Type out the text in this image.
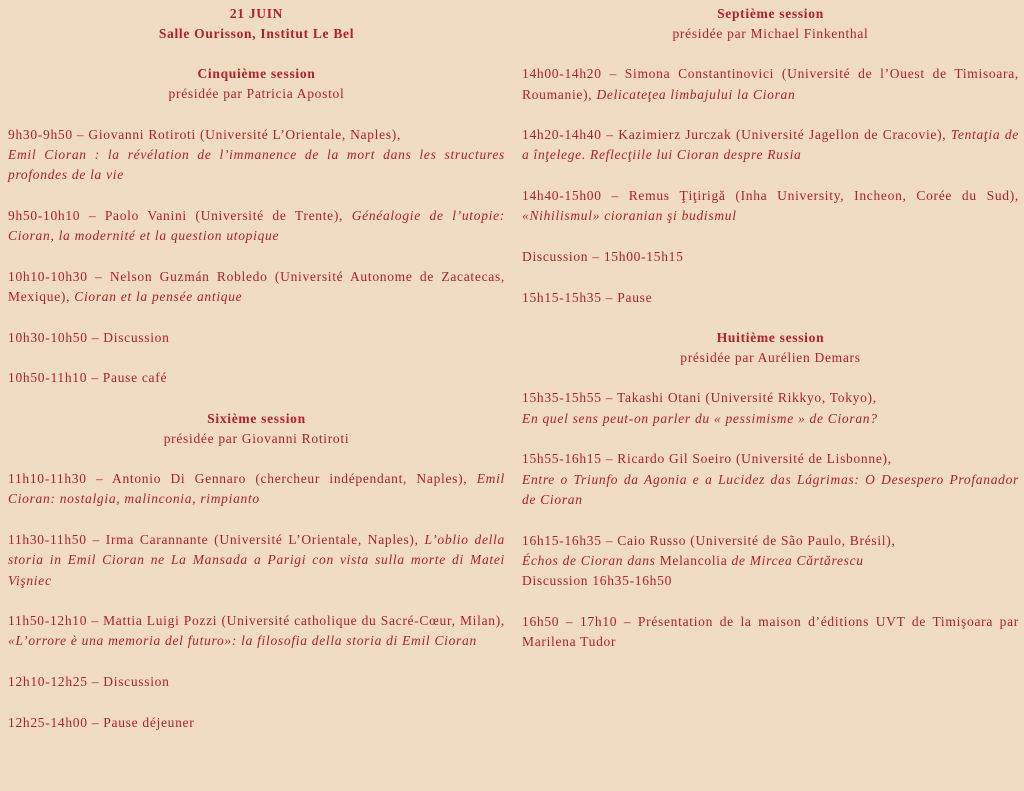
21 JUIN
Salle Ourisson, Institut Le Bel
Cinquième session
présidée par Patricia Apostol

9h30-9h50 – Giovanni Rotiroti (Université L’Orientale, Naples),
Emil Cioran : la révélation de l’immanence de la mort dans les structures profondes de la vie

9h50-10h10 – Paolo Vanini (Université de Trente), Généalogie de l’utopie: Cioran, la modernité et la question utopique

10h10-10h30 – Nelson Guzmán Robledo (Université Autonome de Zacatecas, Mexique), Cioran et la pensée antique

10h30-10h50 – Discussion

10h50-11h10 – Pause café

Sixième session
présidée par Giovanni Rotiroti

11h10-11h30 – Antonio Di Gennaro (chercheur indépendant, Naples), Emil Cioran: nostalgia, malinconia, rimpianto

11h30-11h50 – Irma Carannante (Université L’Orientale, Naples), L’oblio della storia in Emil Cioran ne La Mansada a Parigi con vista sulla morte di Matei Vişniec

11h50-12h10 – Mattia Luigi Pozzi (Université catholique du Sacré-Cœur, Milan), «L’orrore è una memoria del futuro»: la filosofia della storia di Emil Cioran

12h10-12h25 – Discussion

12h25-14h00 – Pause déjeuner

Septième session
présidée par Michael Finkenthal

14h00-14h20 – Simona Constantinovici (Université de l’Ouest de Timisoara, Roumanie), Delicateţea limbajului la Cioran

14h20-14h40 – Kazimierz Jurczak (Université Jagellon de Cracovie), Tentaţia de a înţelege. Reflecţiile lui Cioran despre Rusia

14h40-15h00 – Remus Ţiţirigă (Inha University, Incheon, Corée du Sud), «Nihilismul» cioranian şi budismul

Discussion – 15h00-15h15

15h15-15h35 – Pause

Huitième session
présidée par Aurélien Demars

15h35-15h55 – Takashi Otani (Université Rikkyo, Tokyo),
En quel sens peut-on parler du « pessimisme » de Cioran?

15h55-16h15 – Ricardo Gil Soeiro (Université de Lisbonne),
Entre o Triunfo da Agonia e a Lucidez das Lágrimas: O Desespero Profanador de Cioran

16h15-16h35 – Caio Russo (Université de São Paulo, Brésil),
Échos de Cioran dans Melancolia de Mircea Cărtărescu
Discussion 16h35-16h50

16h50 – 17h10 – Présentation de la maison d’éditions UVT de Timişoara par Marilena Tudor
